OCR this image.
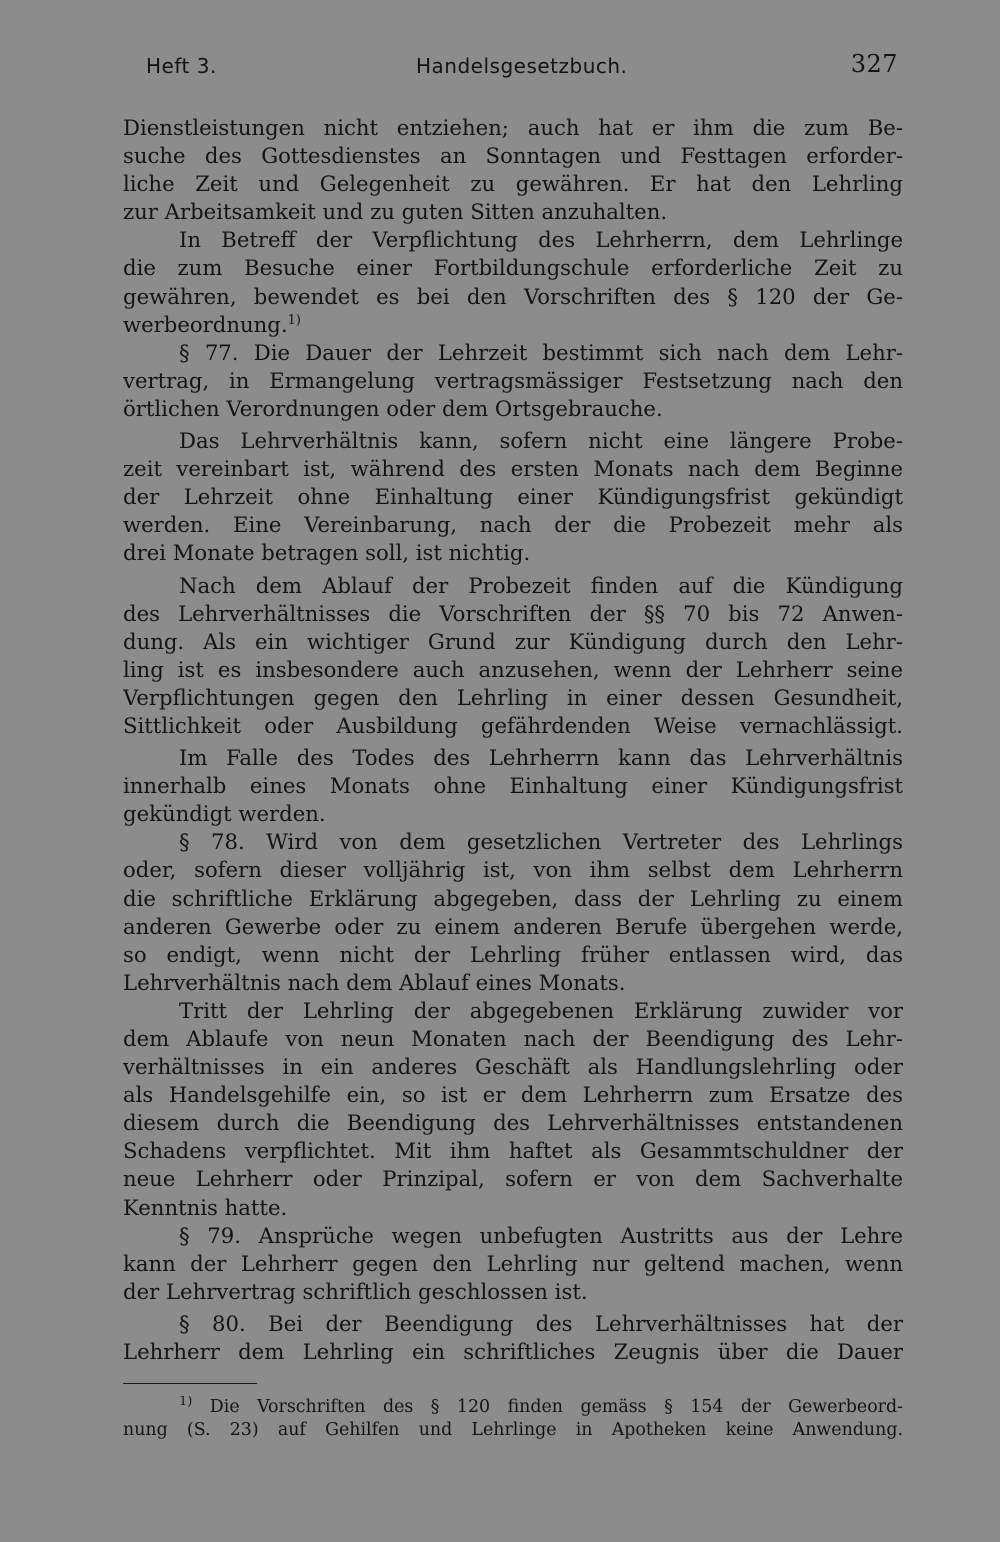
Heft 3.	Handelsgesetzbuch.	327
Dienstleistungen nicht entziehen; auch hat er ihm die zum Be-
suche des Gottesdienstes an Sonntagen und Festtagen erforder-
liche Zeit und Gelegenheit zu gewähren. Er hat den Lehrling
zur Arbeitsamkeit und zu guten Sitten anzuhalten.
In Betreff der Verpflichtung des Lehrherrn, dem Lehrlinge
die zum Besuche einer Fortbildungschule erforderliche Zeit zu
gewähren, bewendet es bei den Vorschriften des § 120 der Ge-
werbeordnung.$^{1)}$
§ 77. Die Dauer der Lehrzeit bestimmt sich nach dem Lehr-
vertrag, in Ermangelung vertragsmässiger Festsetzung nach den
örtlichen Verordnungen oder dem Ortsgebrauche.
Das Lehrverhältnis kann, sofern nicht eine längere Probe-
zeit vereinbart ist, während des ersten Monats nach dem Beginne
der Lehrzeit ohne Einhaltung einer Kündigungsfrist gekündigt
werden. Eine Vereinbarung, nach der die Probezeit mehr als
drei Monate betragen soll, ist nichtig.
Nach dem Ablauf der Probezeit finden auf die Kündigung
des Lehrverhältnisses die Vorschriften der §§ 70 bis 72 Anwen-
dung. Als ein wichtiger Grund zur Kündigung durch den Lehr-
ling ist es insbesondere auch anzusehen, wenn der Lehrherr seine
Verpflichtungen gegen den Lehrling in einer dessen Gesundheit,
Sittlichkeit oder Ausbildung gefährdenden Weise vernachlässigt.
Im Falle des Todes des Lehrherrn kann das Lehrverhältnis
innerhalb eines Monats ohne Einhaltung einer Kündigungsfrist
gekündigt werden.
§ 78. Wird von dem gesetzlichen Vertreter des Lehrlings
oder, sofern dieser volljährig ist, von ihm selbst dem Lehrherrn
die schriftliche Erklärung abgegeben, dass der Lehrling zu einem
anderen Gewerbe oder zu einem anderen Berufe übergehen werde,
so endigt, wenn nicht der Lehrling früher entlassen wird, das
Lehrverhältnis nach dem Ablauf eines Monats.
Tritt der Lehrling der abgegebenen Erklärung zuwider vor
dem Ablaufe von neun Monaten nach der Beendigung des Lehr-
verhältnisses in ein anderes Geschäft als Handlungslehrling oder
als Handelsgehilfe ein, so ist er dem Lehrherrn zum Ersatze des
diesem durch die Beendigung des Lehrverhältnisses entstandenen
Schadens verpflichtet. Mit ihm haftet als Gesammtschuldner der
neue Lehrherr oder Prinzipal, sofern er von dem Sachverhalte
Kenntnis hatte.
§ 79. Ansprüche wegen unbefugten Austritts aus der Lehre
kann der Lehrherr gegen den Lehrling nur geltend machen, wenn
der Lehrvertrag schriftlich geschlossen ist.
§ 80. Bei der Beendigung des Lehrverhältnisses hat der
Lehrherr dem Lehrling ein schriftliches Zeugnis über die Dauer
$^{1)}$ Die Vorschriften des § 120 finden gemäss § 154 der Gewerbeord-
nung (S. 23) auf Gehilfen und Lehrlinge in Apotheken keine Anwendung.
